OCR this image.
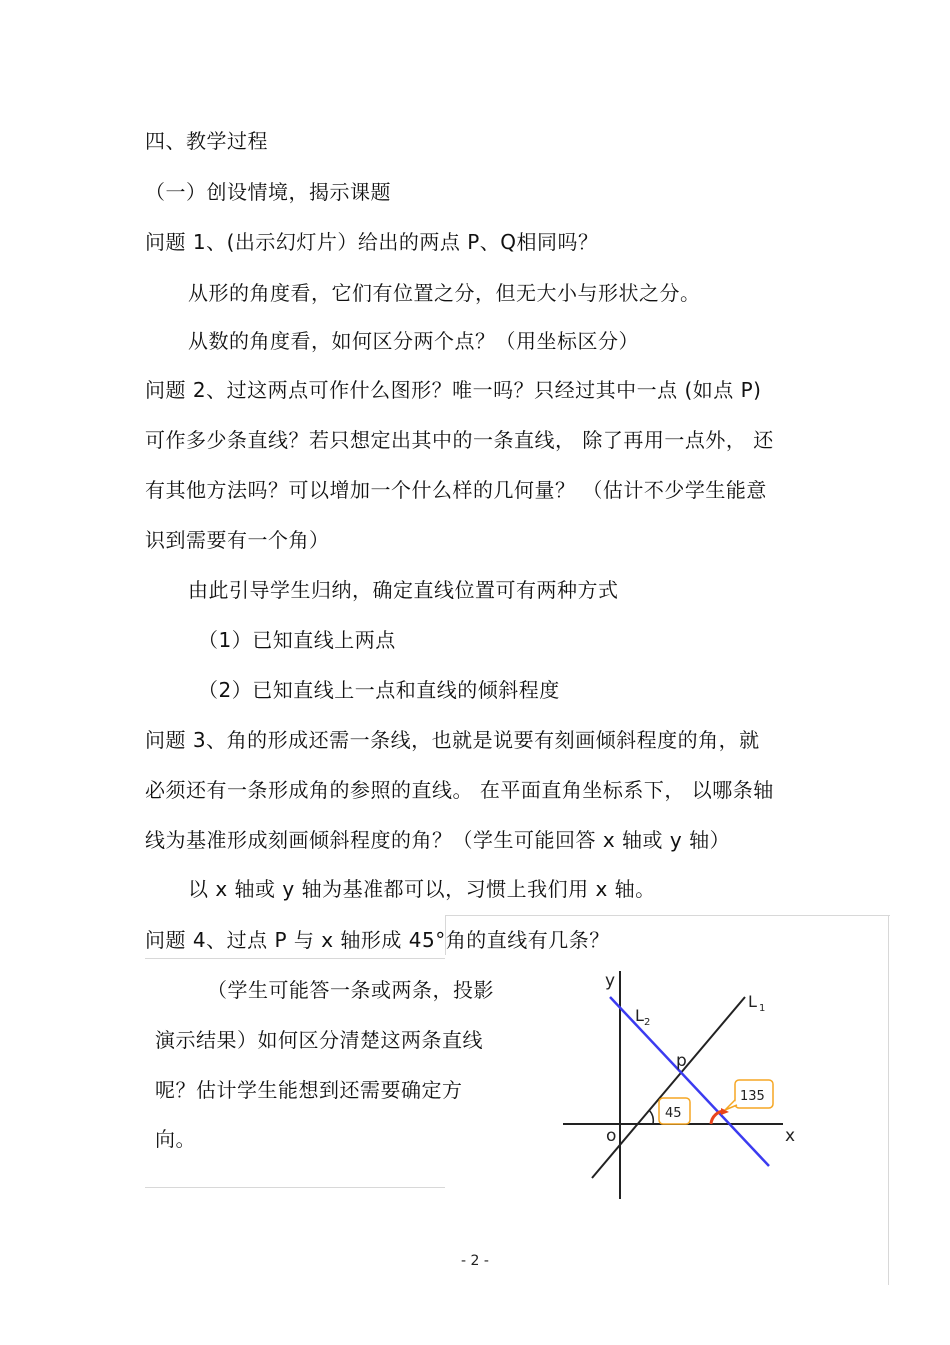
四、教学过程
（一）创设情境，揭示课题
问题 1、(出示幻灯片）给出的两点 P、Q相同吗？
从形的角度看，它们有位置之分，但无大小与形状之分。
从数的角度看，如何区分两个点？（用坐标区分）
问题 2、过这两点可作什么图形？唯一吗？只经过其中一点 (如点 P)
可作多少条直线？若只想定出其中的一条直线， 除了再用一点外， 还
有其他方法吗？可以增加一个什么样的几何量？ （估计不少学生能意
识到需要有一个角）
由此引导学生归纳，确定直线位置可有两种方式
（1）已知直线上两点
（2）已知直线上一点和直线的倾斜程度
问题 3、角的形成还需一条线，也就是说要有刻画倾斜程度的角，就
必须还有一条形成角的参照的直线。 在平面直角坐标系下， 以哪条轴
线为基准形成刻画倾斜程度的角？（学生可能回答 x 轴或 y 轴）
以 x 轴或 y 轴为基准都可以，习惯上我们用 x 轴。
问题 4、过点 P 与 x 轴形成 45°角的直线有几条？
（学生可能答一条或两条，投影
演示结果）如何区分清楚这两条直线
呢？估计学生能想到还需要确定方
向。
45
135
y
x
o
L 1
L 2
p
- 2 -
